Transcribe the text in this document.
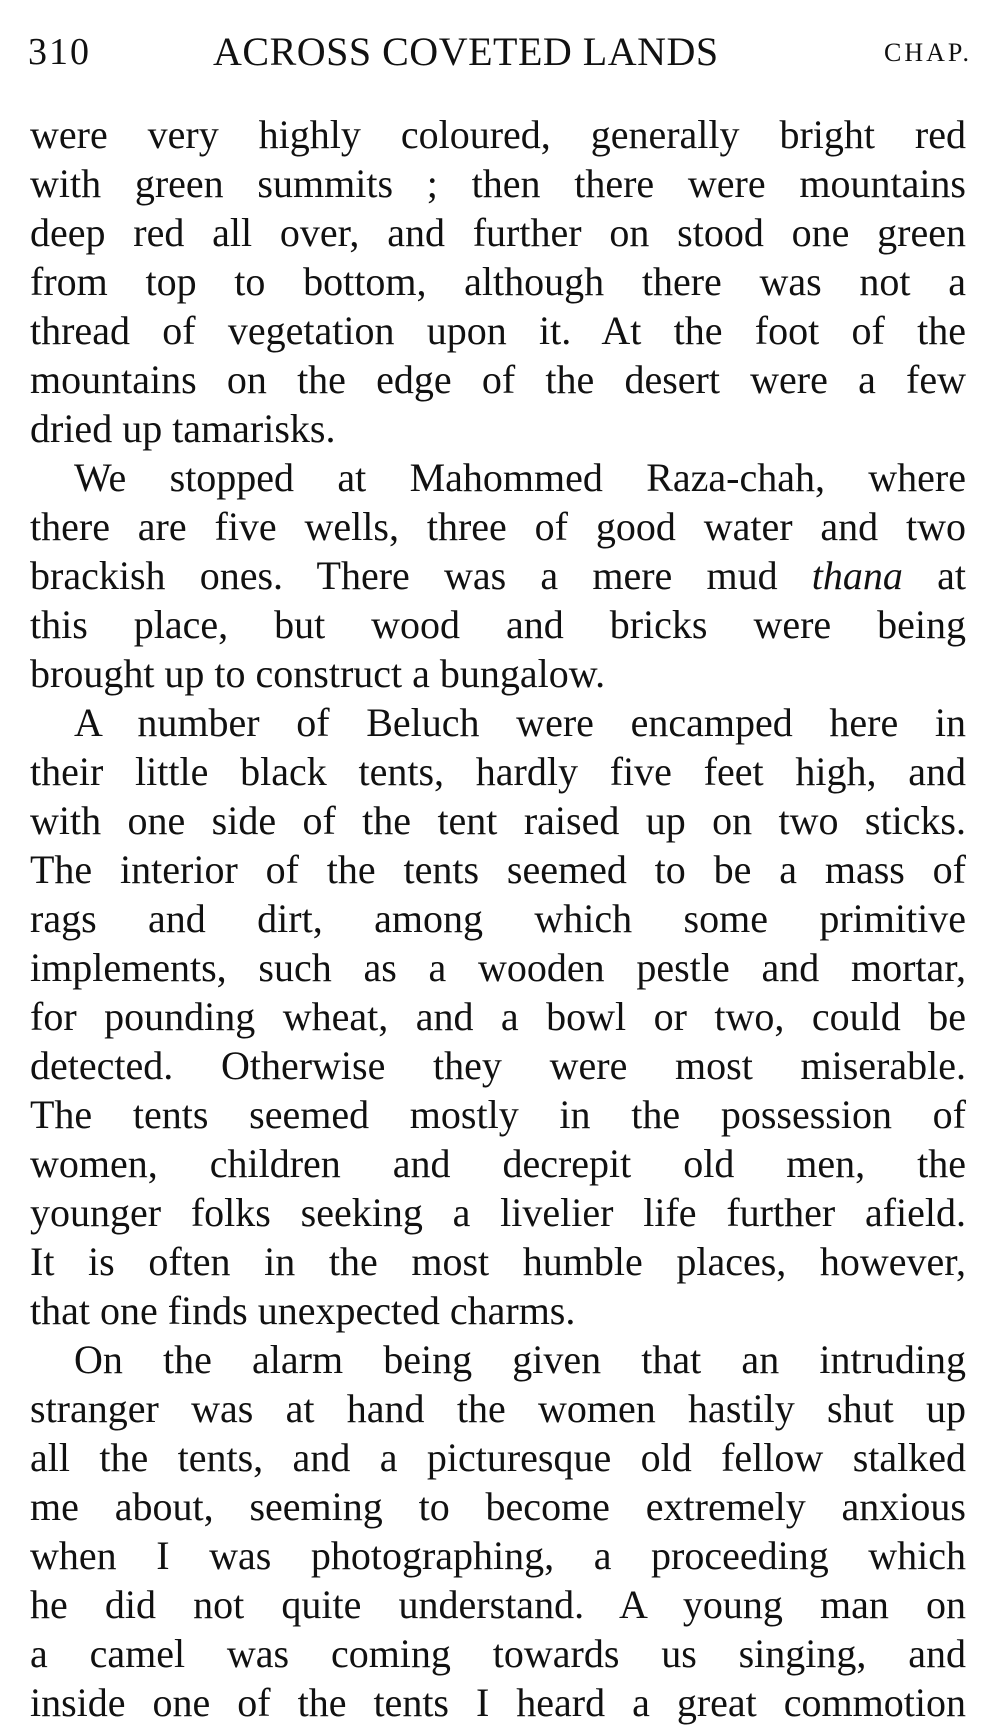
310	ACROSS COVETED LANDS	CHAP.
were very highly coloured, generally bright red
with green summits ; then there were mountains
deep red all over, and further on stood one green
from top to bottom, although there was not a
thread of vegetation upon it. At the foot of the
mountains on the edge of the desert were a few
dried up tamarisks.
We stopped at Mahommed Raza-chah, where
there are five wells, three of good water and two
brackish ones. There was a mere mud thana at
this place, but wood and bricks were being
brought up to construct a bungalow.
A number of Beluch were encamped here in
their little black tents, hardly five feet high, and
with one side of the tent raised up on two sticks.
The interior of the tents seemed to be a mass of
rags and dirt, among which some primitive
implements, such as a wooden pestle and mortar,
for pounding wheat, and a bowl or two, could be
detected. Otherwise they were most miserable.
The tents seemed mostly in the possession of
women, children and decrepit old men, the
younger folks seeking a livelier life further afield.
It is often in the most humble places, however,
that one finds unexpected charms.
On the alarm being given that an intruding
stranger was at hand the women hastily shut up
all the tents, and a picturesque old fellow stalked
me about, seeming to become extremely anxious
when I was photographing, a proceeding which
he did not quite understand. A young man on
a camel was coming towards us singing, and
inside one of the tents I heard a great commotion
